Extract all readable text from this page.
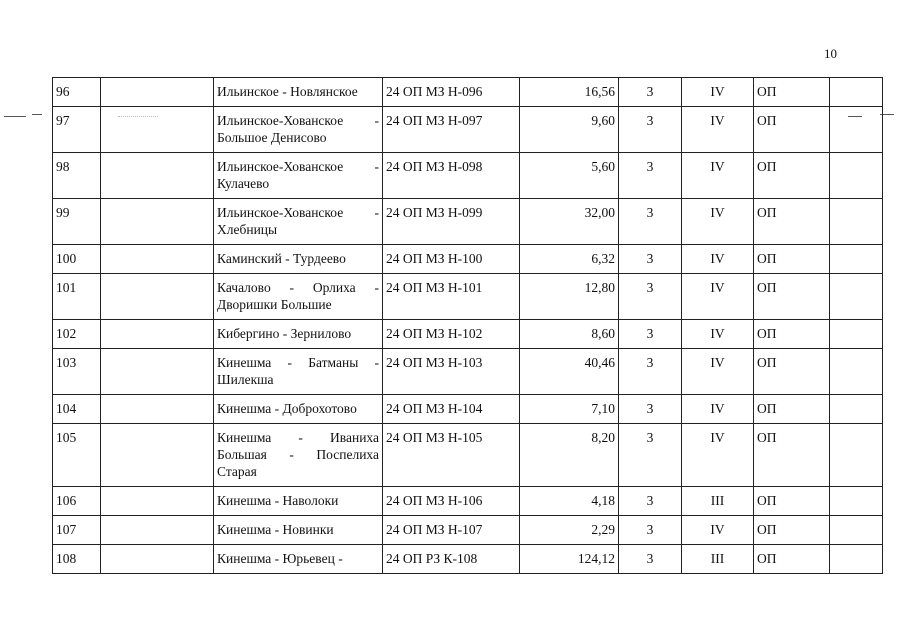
10
96		Ильинское - Новлянское	24 ОП МЗ Н-096	16,56	3	IV	ОП	
97		Ильинское-Хованское - Большое Денисово	24 ОП МЗ Н-097	9,60	3	IV	ОП	
98		Ильинское-Хованское - Кулачево	24 ОП МЗ Н-098	5,60	3	IV	ОП	
99		Ильинское-Хованское - Хлебницы	24 ОП МЗ Н-099	32,00	3	IV	ОП	
100		Каминский - Турдеево	24 ОП МЗ Н-100	6,32	3	IV	ОП	
101		Качалово - Орлиха - Дворишки Большие	24 ОП МЗ Н-101	12,80	3	IV	ОП	
102		Кибергино - Зернилово	24 ОП МЗ Н-102	8,60	3	IV	ОП	
103		Кинешма - Батманы - Шилекша	24 ОП МЗ Н-103	40,46	3	IV	ОП	
104		Кинешма - Доброхотово	24 ОП МЗ Н-104	7,10	3	IV	ОП	
105		Кинешма - Иваниха Большая - Поспелиха Старая	24 ОП МЗ Н-105	8,20	3	IV	ОП	
106		Кинешма - Наволоки	24 ОП МЗ Н-106	4,18	3	III	ОП	
107		Кинешма - Новинки	24 ОП МЗ Н-107	2,29	3	IV	ОП	
108		Кинешма - Юрьевец -	24 ОП РЗ К-108	124,12	3	III	ОП	
